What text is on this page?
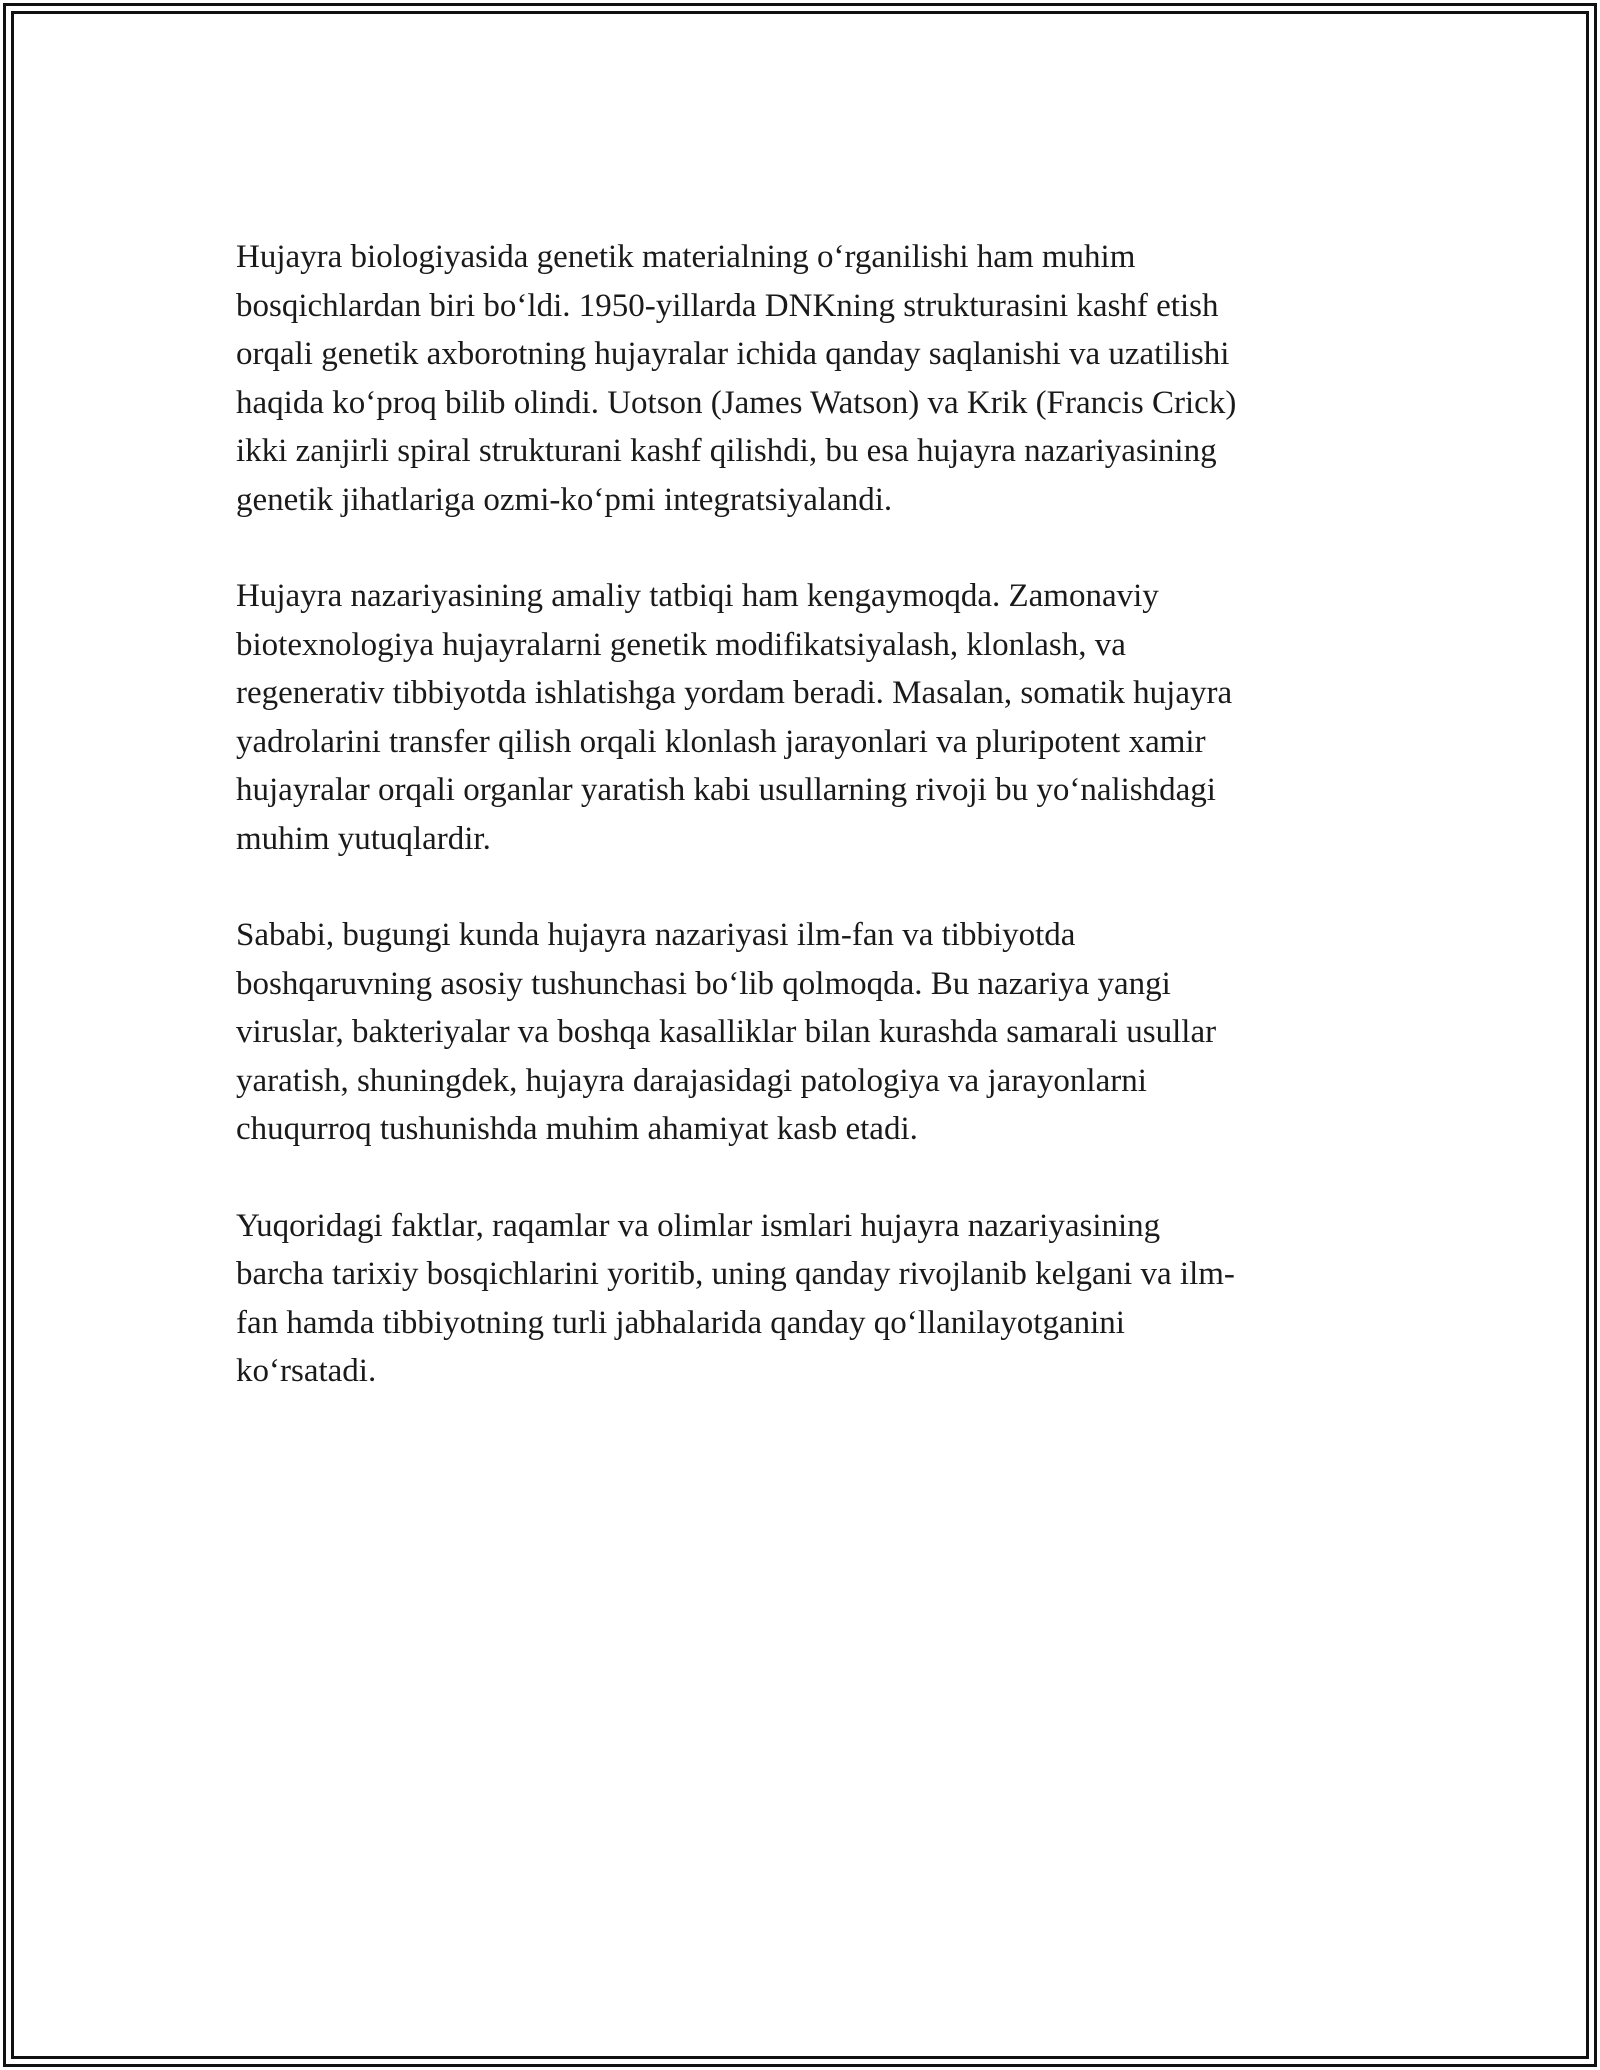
Hujayra biologiyasida genetik materialning o‘rganilishi ham muhim
bosqichlardan biri bo‘ldi. 1950-yillarda DNKning strukturasini kashf etish
orqali genetik axborotning hujayralar ichida qanday saqlanishi va uzatilishi
haqida ko‘proq bilib olindi. Uotson (James Watson) va Krik (Francis Crick)
ikki zanjirli spiral strukturani kashf qilishdi, bu esa hujayra nazariyasining
genetik jihatlariga ozmi-ko‘pmi integratsiyalandi.

Hujayra nazariyasining amaliy tatbiqi ham kengaymoqda. Zamonaviy
biotexnologiya hujayralarni genetik modifikatsiyalash, klonlash, va
regenerativ tibbiyotda ishlatishga yordam beradi. Masalan, somatik hujayra
yadrolarini transfer qilish orqali klonlash jarayonlari va pluripotent xamir
hujayralar orqali organlar yaratish kabi usullarning rivoji bu yo‘nalishdagi
muhim yutuqlardir.

Sababi, bugungi kunda hujayra nazariyasi ilm-fan va tibbiyotda
boshqaruvning asosiy tushunchasi bo‘lib qolmoqda. Bu nazariya yangi
viruslar, bakteriyalar va boshqa kasalliklar bilan kurashda samarali usullar
yaratish, shuningdek, hujayra darajasidagi patologiya va jarayonlarni
chuqurroq tushunishda muhim ahamiyat kasb etadi.

Yuqoridagi faktlar, raqamlar va olimlar ismlari hujayra nazariyasining
barcha tarixiy bosqichlarini yoritib, uning qanday rivojlanib kelgani va ilm-
fan hamda tibbiyotning turli jabhalarida qanday qo‘llanilayotganini
ko‘rsatadi.
